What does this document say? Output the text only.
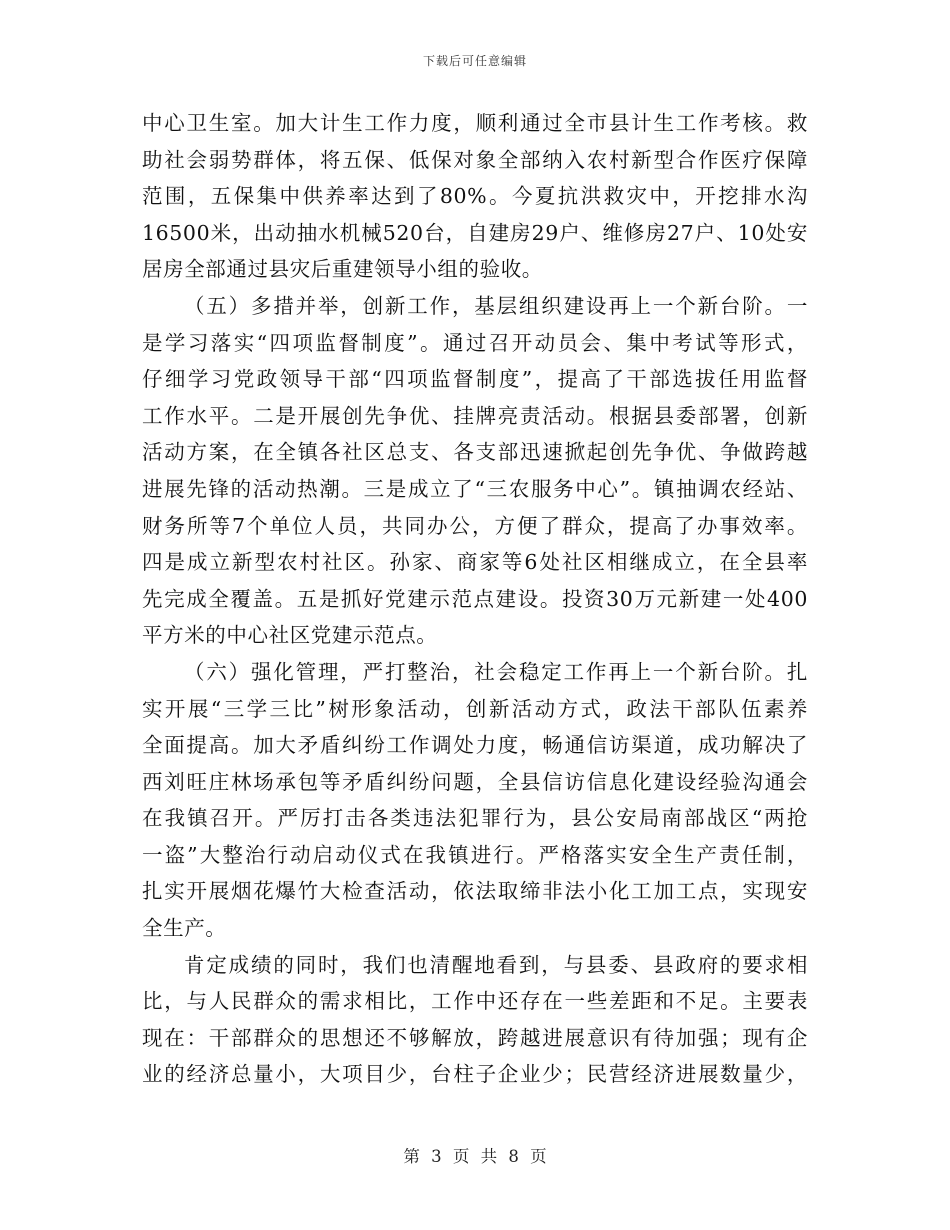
下载后可任意编辑
中心卫生室。加大计生工作力度，顺利通过全市县计生工作考核。救
助社会弱势群体，将五保、低保对象全部纳入农村新型合作医疗保障
范围，五保集中供养率达到了80%。今夏抗洪救灾中，开挖排水沟
16500米，出动抽水机械520台，自建房29户、维修房27户、10处安
居房全部通过县灾后重建领导小组的验收。
（五）多措并举，创新工作，基层组织建设再上一个新台阶。一
是学习落实“四项监督制度”。通过召开动员会、集中考试等形式，
仔细学习党政领导干部“四项监督制度”，提高了干部选拔任用监督
工作水平。二是开展创先争优、挂牌亮责活动。根据县委部署，创新
活动方案，在全镇各社区总支、各支部迅速掀起创先争优、争做跨越
进展先锋的活动热潮。三是成立了“三农服务中心”。镇抽调农经站、
财务所等7个单位人员，共同办公，方便了群众，提高了办事效率。
四是成立新型农村社区。孙家、商家等6处社区相继成立，在全县率
先完成全覆盖。五是抓好党建示范点建设。投资30万元新建一处400
平方米的中心社区党建示范点。
（六）强化管理，严打整治，社会稳定工作再上一个新台阶。扎
实开展“三学三比”树形象活动，创新活动方式，政法干部队伍素养
全面提高。加大矛盾纠纷工作调处力度，畅通信访渠道，成功解决了
西刘旺庄林场承包等矛盾纠纷问题，全县信访信息化建设经验沟通会
在我镇召开。严厉打击各类违法犯罪行为，县公安局南部战区“两抢
一盗”大整治行动启动仪式在我镇进行。严格落实安全生产责任制，
扎实开展烟花爆竹大检查活动，依法取缔非法小化工加工点，实现安
全生产。
肯定成绩的同时，我们也清醒地看到，与县委、县政府的要求相
比，与人民群众的需求相比，工作中还存在一些差距和不足。主要表
现在：干部群众的思想还不够解放，跨越进展意识有待加强；现有企
业的经济总量小，大项目少，台柱子企业少；民营经济进展数量少，
第 3 页 共 8 页
